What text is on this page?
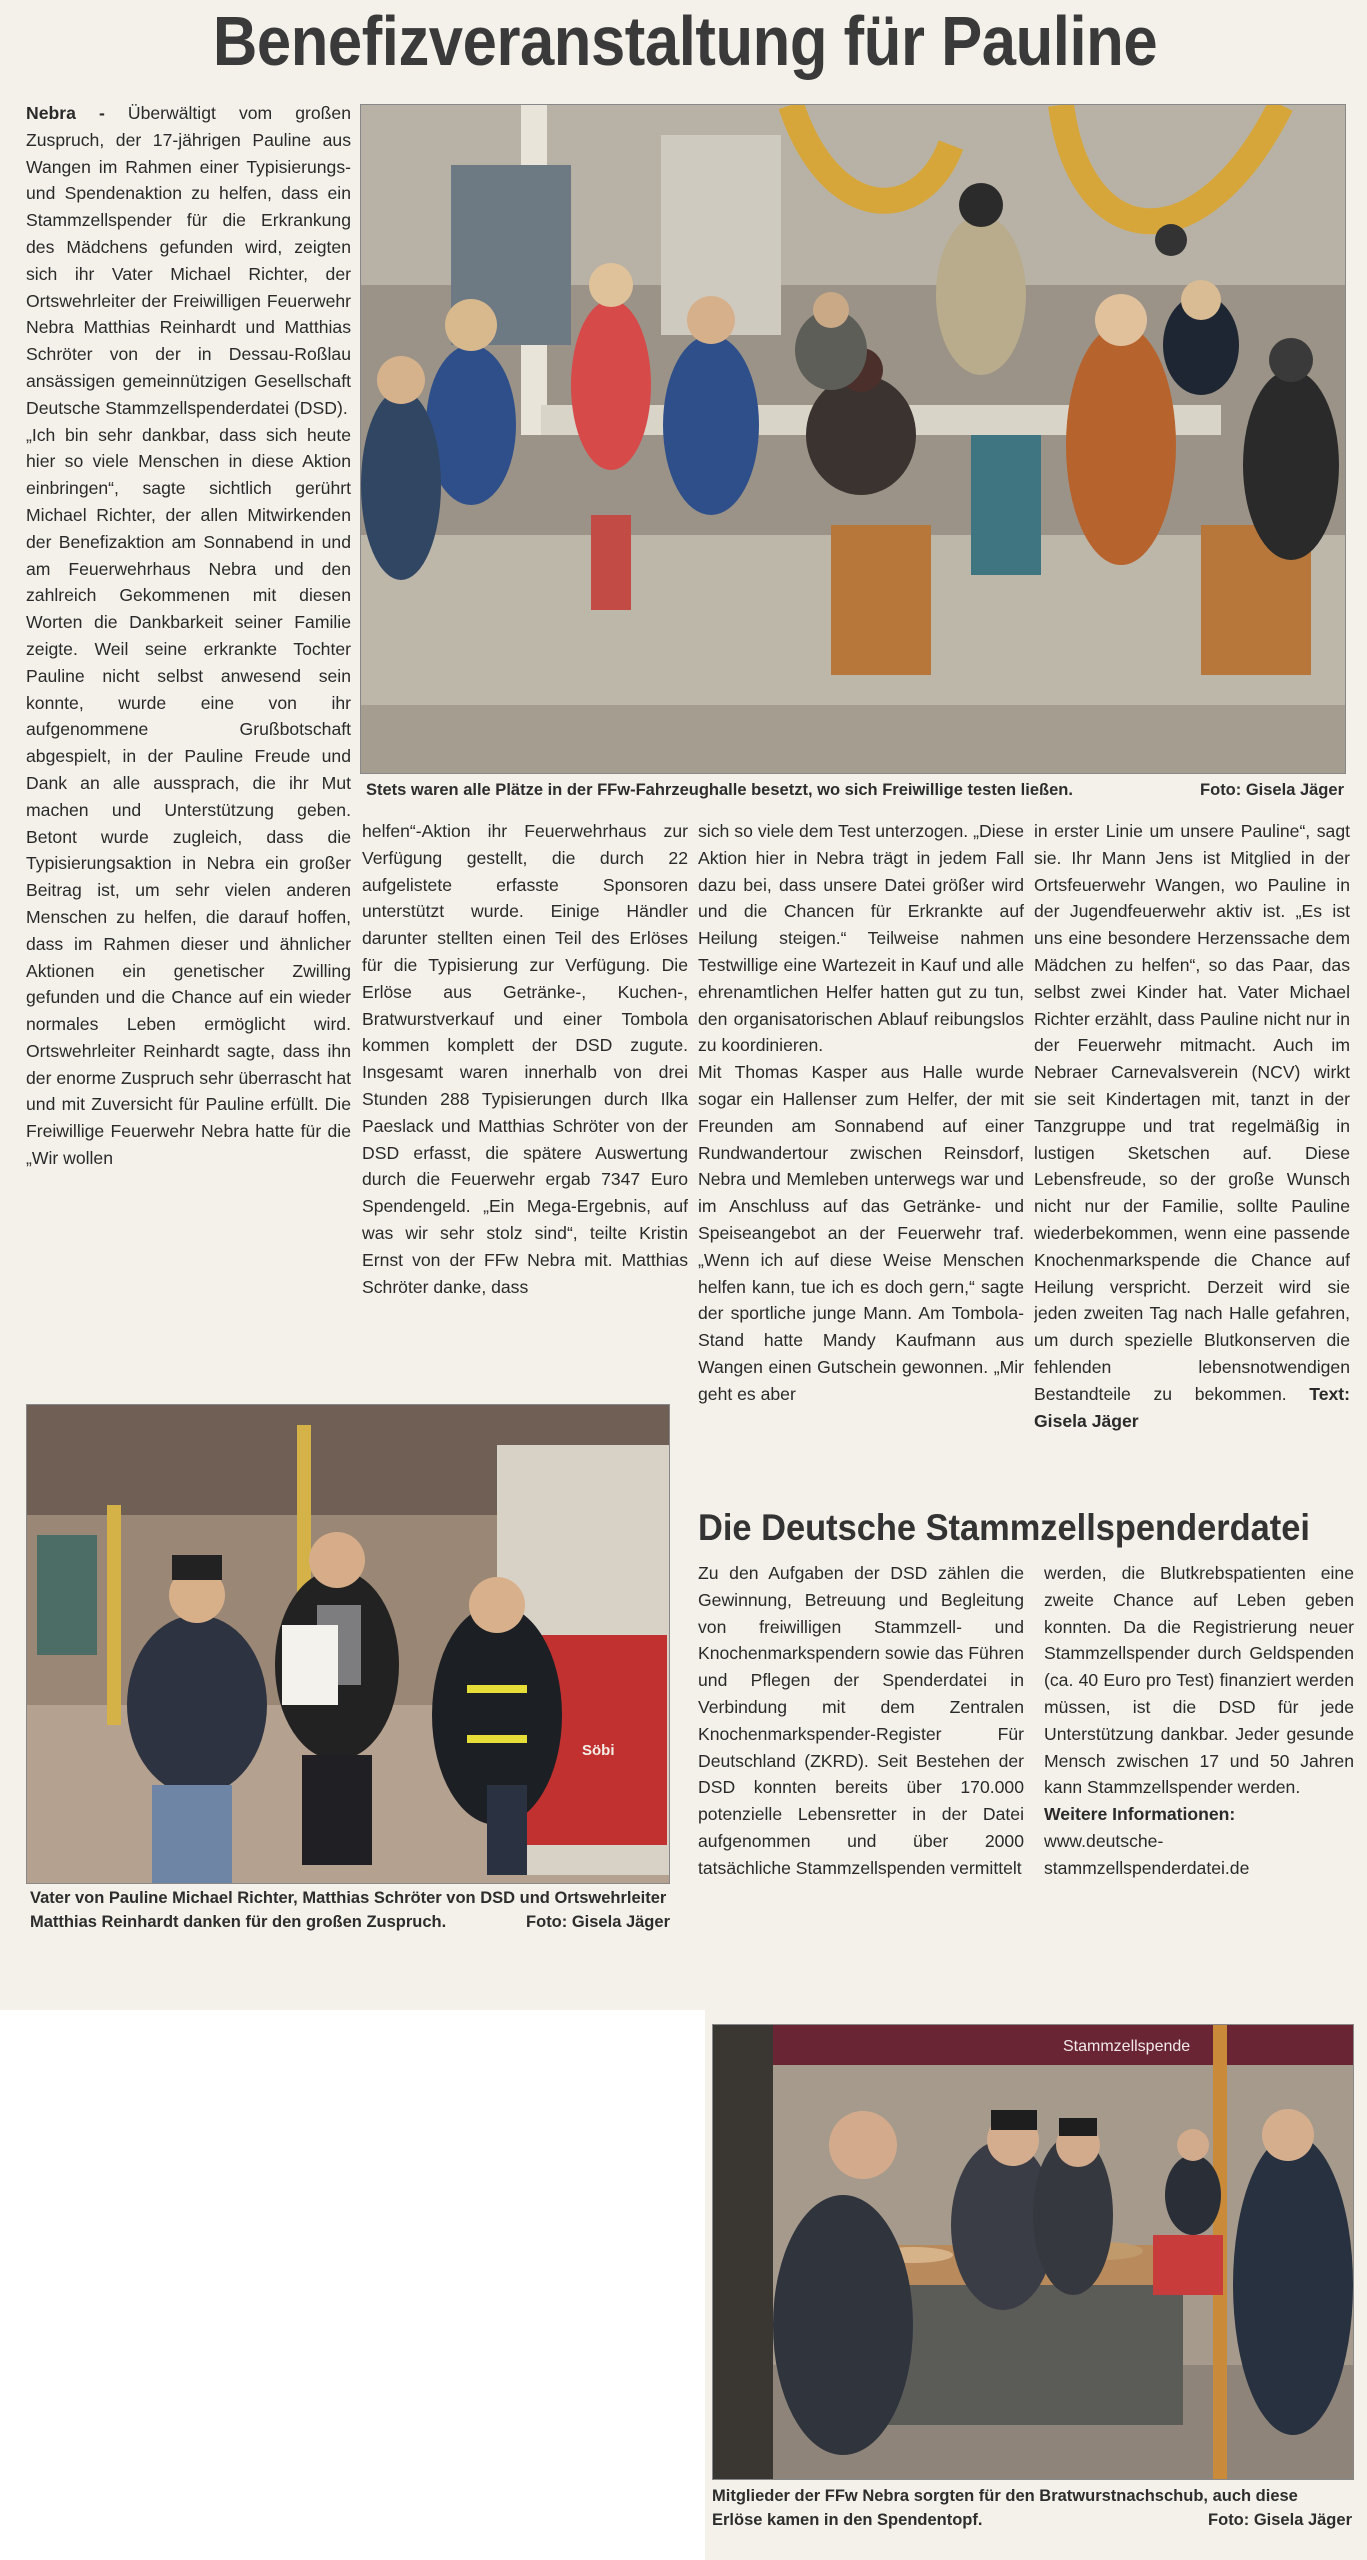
Benefizveranstaltung für Pauline

Nebra - Überwältigt vom großen Zuspruch, der 17-jährigen Pauline aus Wangen im Rahmen einer Typisierungs- und Spendenaktion zu helfen, dass ein Stammzellspender für die Erkrankung des Mädchens gefunden wird, zeigten sich ihr Vater Michael Richter, der Ortswehrleiter der Freiwilligen Feuerwehr Nebra Matthias Reinhardt und Matthias Schröter von der in Dessau-Roßlau ansässigen gemeinnützigen Gesellschaft Deutsche Stammzellspenderdatei (DSD).

„Ich bin sehr dankbar, dass sich heute hier so viele Menschen in diese Aktion einbringen“, sagte sichtlich gerührt Michael Richter, der allen Mitwirkenden der Benefizaktion am Sonnabend in und am Feuerwehrhaus Nebra und den zahlreich Gekommenen mit diesen Worten die Dankbarkeit seiner Familie zeigte. Weil seine erkrankte Tochter Pauline nicht selbst anwesend sein konnte, wurde eine von ihr aufgenommene Grußbotschaft abgespielt, in der Pauline Freude und Dank an alle aussprach, die ihr Mut machen und Unterstützung geben. Betont wurde zugleich, dass die Typisierungsaktion in Nebra ein großer Beitrag ist, um sehr vielen anderen Menschen zu helfen, die darauf hoffen, dass im Rahmen dieser und ähnlicher Aktionen ein genetischer Zwilling gefunden und die Chance auf ein wieder normales Leben ermöglicht wird. Ortswehrleiter Reinhardt sagte, dass ihn der enorme Zuspruch sehr überrascht hat und mit Zuversicht für Pauline erfüllt. Die Freiwillige Feuerwehr Nebra hatte für die „Wir wollen

Stets waren alle Plätze in der FFw-Fahrzeughalle besetzt, wo sich Freiwillige testen ließen.	Foto: Gisela Jäger

helfen“-Aktion ihr Feuerwehrhaus zur Verfügung gestellt, die durch 22 aufgelistete erfasste Sponsoren unterstützt wurde. Einige Händler darunter stellten einen Teil des Erlöses für die Typisierung zur Verfügung. Die Erlöse aus Getränke-, Kuchen-, Bratwurstverkauf und einer Tombola kommen komplett der DSD zugute. Insgesamt waren innerhalb von drei Stunden 288 Typisierungen durch Ilka Paeslack und Matthias Schröter von der DSD erfasst, die spätere Auswertung durch die Feuerwehr ergab 7347 Euro Spendengeld. „Ein Mega-Ergebnis, auf was wir sehr stolz sind“, teilte Kristin Ernst von der FFw Nebra mit. Matthias Schröter danke, dass

sich so viele dem Test unterzogen. „Diese Aktion hier in Nebra trägt in jedem Fall dazu bei, dass unsere Datei größer wird und die Chancen für Erkrankte auf Heilung steigen.“ Teilweise nahmen Testwillige eine Wartezeit in Kauf und alle ehrenamtlichen Helfer hatten gut zu tun, den organisatorischen Ablauf reibungslos zu koordinieren.

Mit Thomas Kasper aus Halle wurde sogar ein Hallenser zum Helfer, der mit Freunden am Sonnabend auf einer Rundwandertour zwischen Reinsdorf, Nebra und Memleben unterwegs war und im Anschluss auf das Getränke- und Speiseangebot an der Feuerwehr traf. „Wenn ich auf diese Weise Menschen helfen kann, tue ich es doch gern,“ sagte der sportliche junge Mann. Am Tombola-Stand hatte Mandy Kaufmann aus Wangen einen Gutschein gewonnen. „Mir geht es aber

in erster Linie um unsere Pauline“, sagt sie. Ihr Mann Jens ist Mitglied in der Ortsfeuerwehr Wangen, wo Pauline in der Jugendfeuerwehr aktiv ist. „Es ist uns eine besondere Herzenssache dem Mädchen zu helfen“, so das Paar, das selbst zwei Kinder hat. Vater Michael Richter erzählt, dass Pauline nicht nur in der Feuerwehr mitmacht. Auch im Nebraer Carnevalsverein (NCV) wirkt sie seit Kindertagen mit, tanzt in der Tanzgruppe und trat regelmäßig in lustigen Sketschen auf. Diese Lebensfreude, so der große Wunsch nicht nur der Familie, sollte Pauline wiederbekommen, wenn eine passende Knochenmarkspende die Chance auf Heilung verspricht. Derzeit wird sie jeden zweiten Tag nach Halle gefahren, um durch spezielle Blutkonserven die fehlenden lebensnotwendigen Bestandteile zu bekommen. Text: Gisela Jäger

Söbi
Vater von Pauline Michael Richter, Matthias Schröter von DSD und Ortswehrleiter Matthias Reinhardt danken für den großen Zuspruch.	Foto: Gisela Jäger
Die Deutsche Stammzellspenderdatei

Zu den Aufgaben der DSD zählen die Gewinnung, Betreuung und Begleitung von freiwilligen Stammzell- und Knochenmarkspendern sowie das Führen und Pflegen der Spenderdatei in Verbindung mit dem Zentralen Knochenmarkspender-Register Für Deutschland (ZKRD). Seit Bestehen der DSD konnten bereits über 170.000 potenzielle Lebensretter in der Datei aufgenommen und über 2000 tatsächliche Stammzellspenden vermittelt

werden, die Blutkrebspatienten eine zweite Chance auf Leben geben konnten. Da die Registrierung neuer Stammzellspender durch Geldspenden (ca. 40 Euro pro Test) finanziert werden müssen, ist die DSD für jede Unterstützung dankbar. Jeder gesunde Mensch zwischen 17 und 50 Jahren kann Stammzellspender werden.

Weitere Informationen:

www.deutsche-stammzellspenderdatei.de

Stammzellspende
Mitglieder der FFw Nebra sorgten für den Bratwurstnachschub, auch diese Erlöse kamen in den Spendentopf.	Foto: Gisela Jäger
